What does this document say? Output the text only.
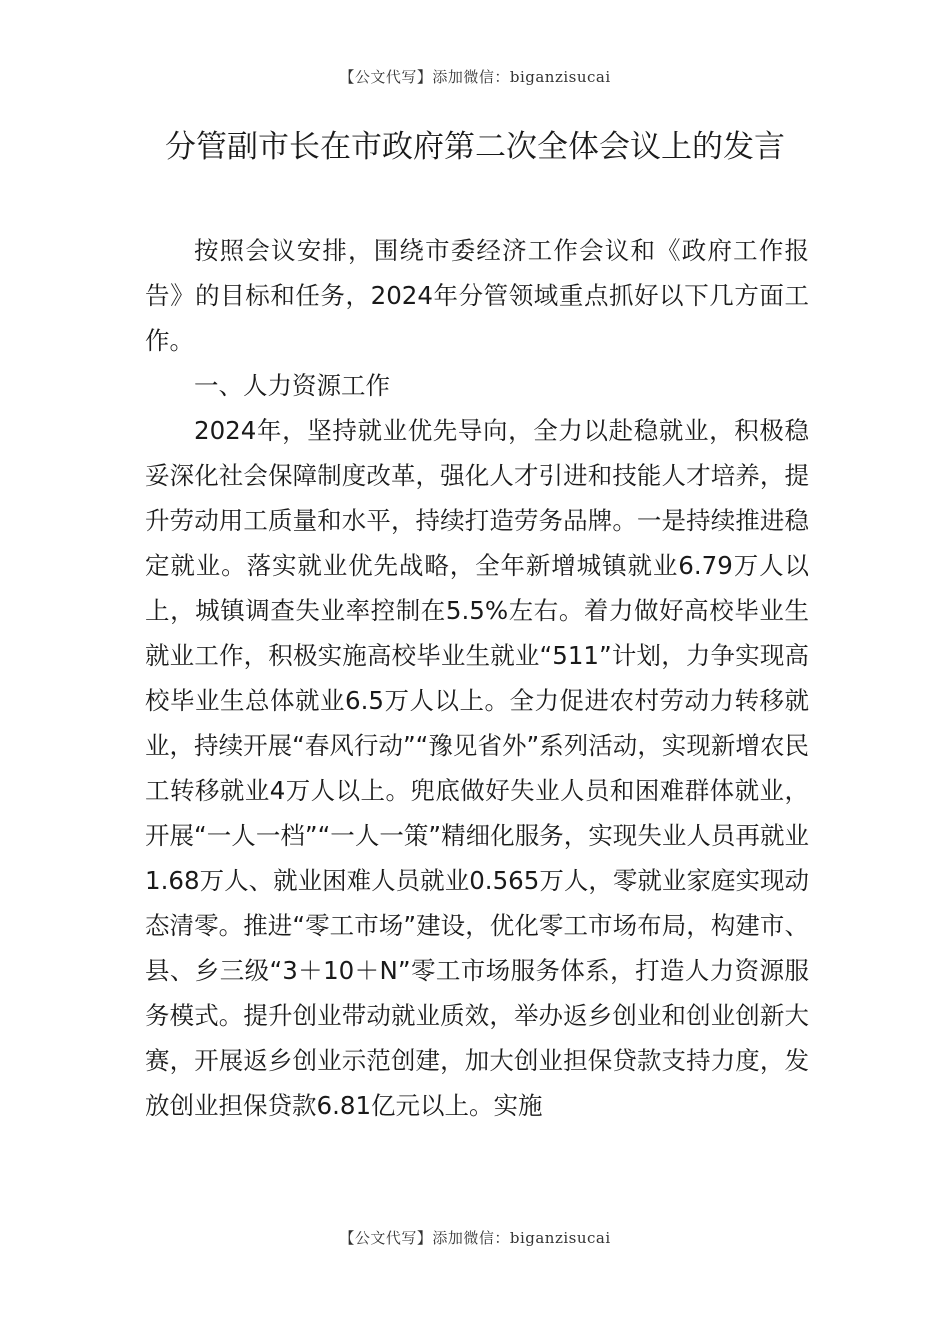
【公文代写】添加微信：biganzisucai
分管副市长在市政府第二次全体会议上的发言

按照会议安排，围绕市委经济工作会议和《政府工作报告》的目标和任务，2024年分管领域重点抓好以下几方面工作。

一、人力资源工作

2024年，坚持就业优先导向，全力以赴稳就业，积极稳妥深化社会保障制度改革，强化人才引进和技能人才培养，提升劳动用工质量和水平，持续打造劳务品牌。一是持续推进稳定就业。落实就业优先战略，全年新增城镇就业6.79万人以上，城镇调查失业率控制在5.5%左右。着力做好高校毕业生就业工作，积极实施高校毕业生就业“511”计划，力争实现高校毕业生总体就业6.5万人以上。全力促进农村劳动力转移就业，持续开展“春风行动”“豫见省外”系列活动，实现新增农民工转移就业4万人以上。兜底做好失业人员和困难群体就业，开展“一人一档”“一人一策”精细化服务，实现失业人员再就业1.68万人、就业困难人员就业0.565万人，零就业家庭实现动态清零。推进“零工市场”建设，优化零工市场布局，构建市、县、乡三级“3＋10＋N”零工市场服务体系，打造人力资源服务模式。提升创业带动就业质效，举办返乡创业和创业创新大赛，开展返乡创业示范创建，加大创业担保贷款支持力度，发放创业担保贷款6.81亿元以上。实施

【公文代写】添加微信：biganzisucai
